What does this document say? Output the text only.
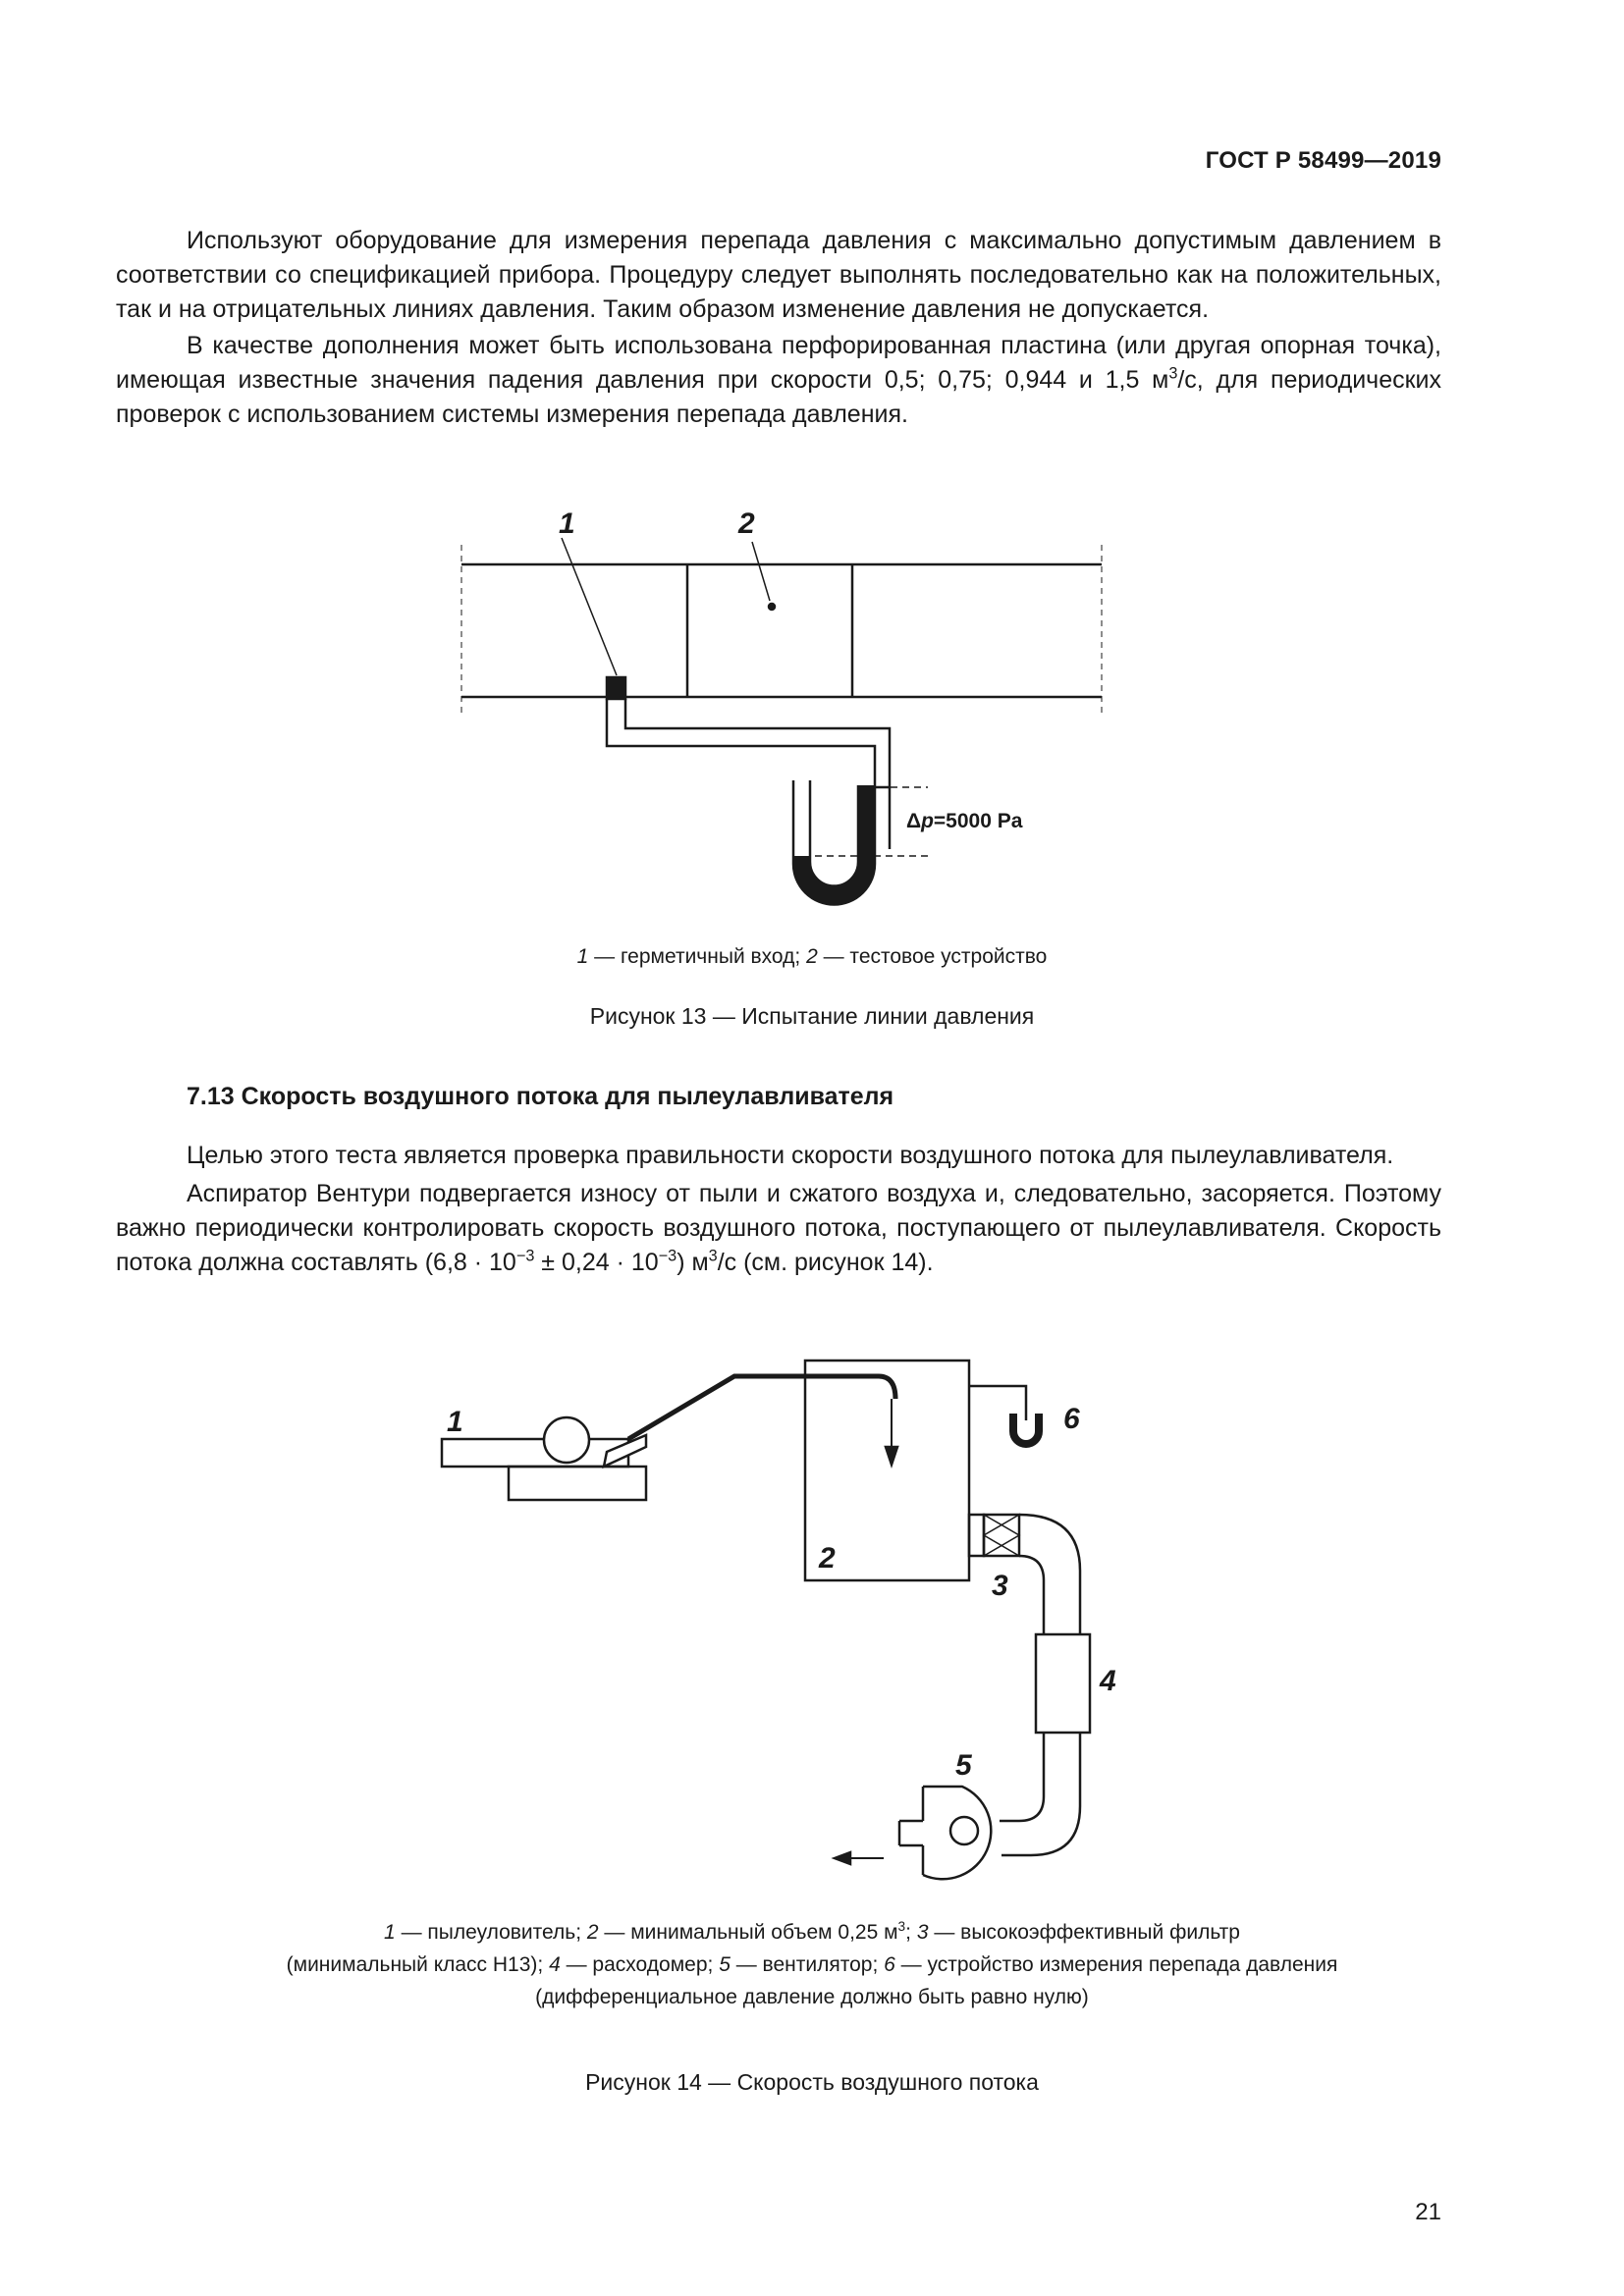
ГОСТ Р 58499—2019

Используют оборудование для измерения перепада давления с максимально допустимым давлением в соответствии со спецификацией прибора. Процедуру следует выполнять последовательно как на положительных, так и на отрицательных линиях давления. Таким образом изменение давления не допускается.

В качестве дополнения может быть использована перфорированная пластина (или другая опорная точка), имеющая известные значения падения давления при скорости 0,5; 0,75; 0,944 и 1,5 $м^3/с$, для периодических проверок с использованием системы измерения перепада давления.

1	2
Δp=5000 Pa
1 — герметичный вход; 2 — тестовое устройство
Рисунок 13 — Испытание линии давления
7.13 Скорость воздушного потока для пылеулавливателя

Целью этого теста является проверка правильности скорости воздушного потока для пылеулавливателя.

Аспиратор Вентури подвергается износу от пыли и сжатого воздуха и, следовательно, засоряется. Поэтому важно периодически контролировать скорость воздушного потока, поступающего от пылеулавливателя. Скорость потока должна составлять $(6,8 \cdot 10^{-3} \pm 0,24 \cdot 10^{-3})$ $м^3/с$ (см. рисунок 14).

1
2
3
4
5
6
1 — пылеуловитель; 2 — минимальный объем 0,25 $м^3$; 3 — высокоэффективный фильтр
(минимальный класс H13); 4 — расходомер; 5 — вентилятор; 6 — устройство измерения перепада давления
(дифференциальное давление должно быть равно нулю)
Рисунок 14 — Скорость воздушного потока
21
